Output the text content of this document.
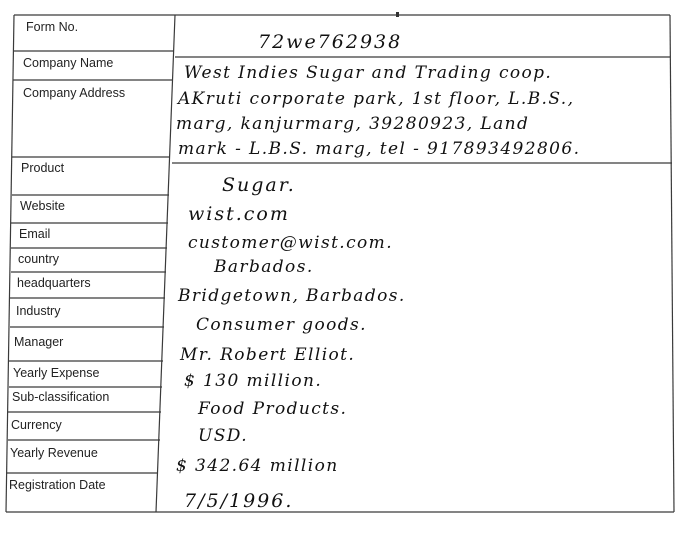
Form No.
Company Name
Company Address
Product
Website
Email
country
headquarters
Industry
Manager
Yearly Expense
Sub-classification
Currency
Yearly Revenue
Registration Date
72we762938
West Indies Sugar and Trading coop.
AKruti corporate park, 1st floor, L.B.S.,
marg, kanjurmarg, 39280923, Land
mark - L.B.S. marg, tel - 917893492806.
Sugar.
wist.com
customer@wist.com.
Barbados.
Bridgetown, Barbados.
Consumer goods.
Mr. Robert Elliot.
$ 130 million.
Food Products.
USD.
$ 342.64 million
7/5/1996.
